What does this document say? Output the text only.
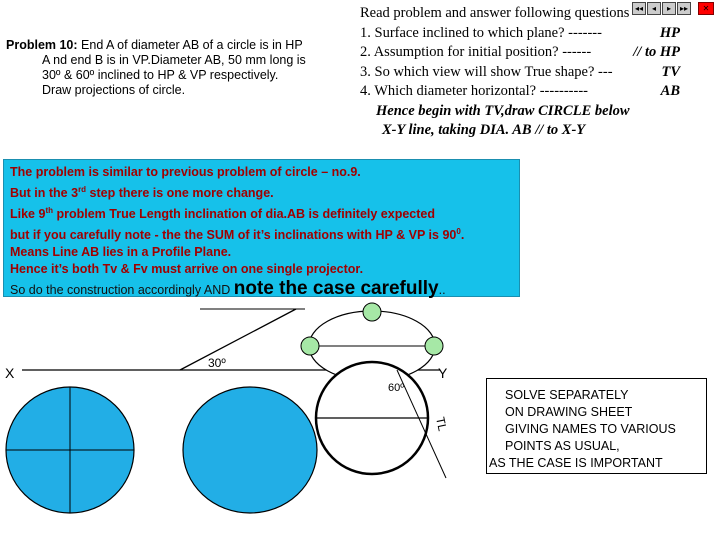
◂◂	◂	▸	▸▸	✕
Problem 10: End A of diameter AB of a circle is in HP
A nd end B is in VP.Diameter AB, 50 mm long is
30º & 60º inclined to HP & VP respectively.
Draw projections of circle.
Read problem and answer following questions
1. Surface inclined to which plane? -------	HP
2. Assumption for initial position? ------	// to HP
3. So which view will show True shape? ---	TV
4. Which diameter horizontal? ----------	AB
Hence begin with TV,draw CIRCLE below
X-Y line, taking DIA. AB // to X-Y
The problem is similar to previous problem of circle – no.9.
But in the 3rd step there is one more change.
Like 9th problem True Length inclination of dia.AB is definitely expected
but if you carefully note - the the SUM of it’s inclinations with HP & VP is $90^0$.
Means Line AB lies in a Profile Plane.
Hence it’s both Tv & Fv must arrive on one single projector.
So do the construction accordingly AND note the case carefully..
X	Y
30º
60º
TL
SOLVE SEPARATELY
ON DRAWING SHEET
GIVING NAMES TO VARIOUS
POINTS AS USUAL,
AS THE CASE IS IMPORTANT
